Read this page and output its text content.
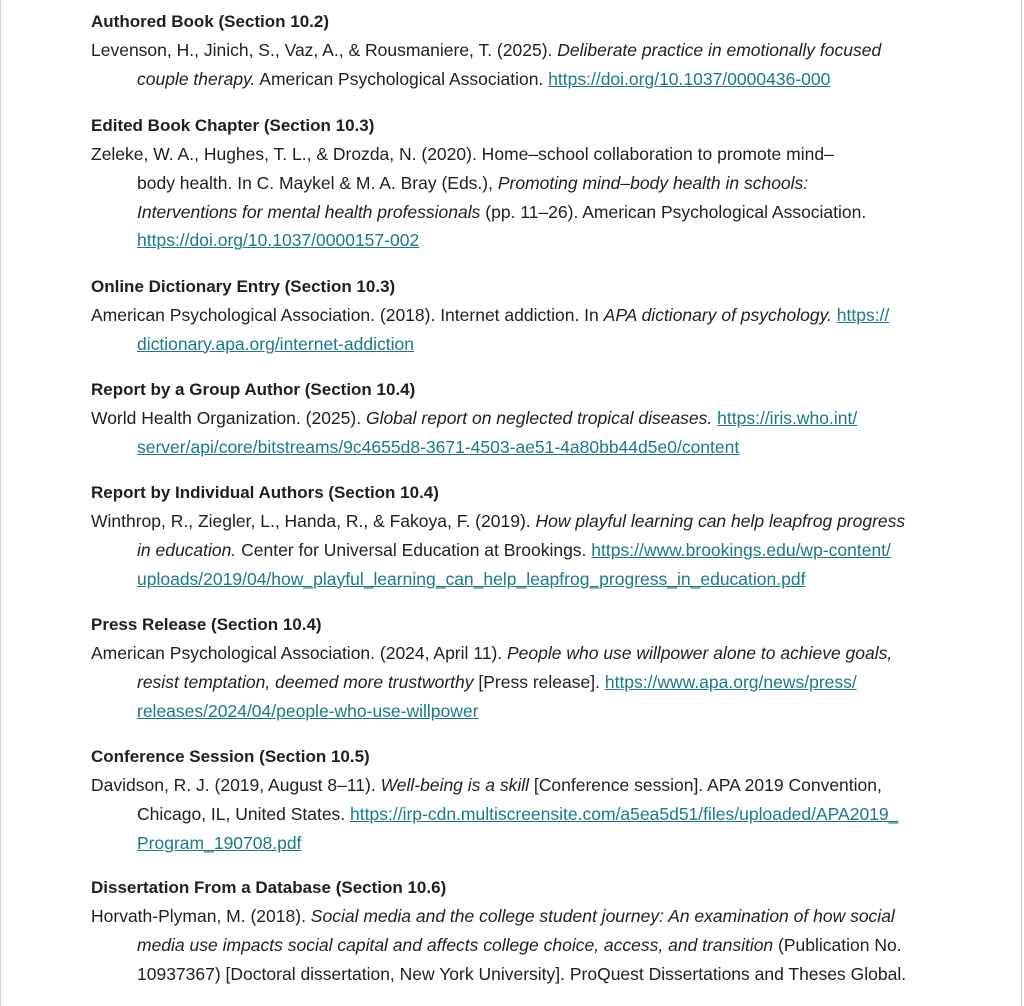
Authored Book (Section 10.2)
Levenson, H., Jinich, S., Vaz, A., & Rousmaniere, T. (2025). Deliberate practice in emotionally focused
couple therapy. American Psychological Association. https://doi.org/10.1037/0000436-000
Edited Book Chapter (Section 10.3)
Zeleke, W. A., Hughes, T. L., & Drozda, N. (2020). Home–school collaboration to promote mind–
body health. In C. Maykel & M. A. Bray (Eds.), Promoting mind–body health in schools:
Interventions for mental health professionals (pp. 11–26). American Psychological Association.
https://doi.org/10.1037/0000157-002
Online Dictionary Entry (Section 10.3)
American Psychological Association. (2018). Internet addiction. In APA dictionary of psychology. https://
dictionary.apa.org/internet-addiction
Report by a Group Author (Section 10.4)
World Health Organization. (2025). Global report on neglected tropical diseases. https://iris.who.int/
server/api/core/bitstreams/9c4655d8-3671-4503-ae51-4a80bb44d5e0/content
Report by Individual Authors (Section 10.4)
Winthrop, R., Ziegler, L., Handa, R., & Fakoya, F. (2019). How playful learning can help leapfrog progress
in education. Center for Universal Education at Brookings. https://www.brookings.edu/wp-content/
uploads/2019/04/how_playful_learning_can_help_leapfrog_progress_in_education.pdf
Press Release (Section 10.4)
American Psychological Association. (2024, April 11). People who use willpower alone to achieve goals,
resist temptation, deemed more trustworthy [Press release]. https://www.apa.org/news/press/
releases/2024/04/people-who-use-willpower
Conference Session (Section 10.5)
Davidson, R. J. (2019, August 8–11). Well-being is a skill [Conference session]. APA 2019 Convention,
Chicago, IL, United States. https://irp-cdn.multiscreensite.com/a5ea5d51/files/uploaded/APA2019_
Program_190708.pdf
Dissertation From a Database (Section 10.6)
Horvath-Plyman, M. (2018). Social media and the college student journey: An examination of how social
media use impacts social capital and affects college choice, access, and transition (Publication No.
10937367) [Doctoral dissertation, New York University]. ProQuest Dissertations and Theses Global.
